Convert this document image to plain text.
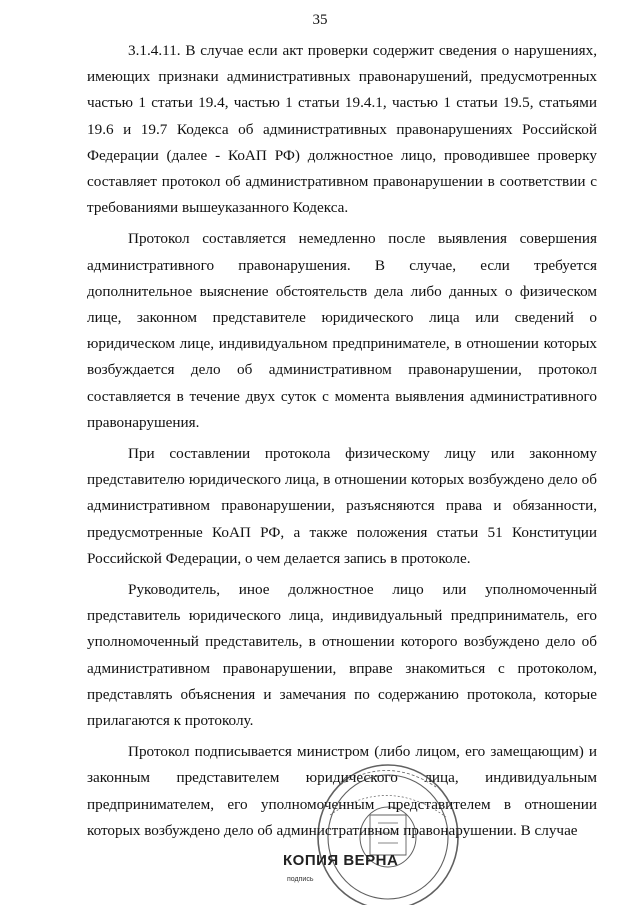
35

3.1.4.11. В случае если акт проверки содержит сведения о нарушениях, имеющих признаки административных правонарушений, предусмотренных частью 1 статьи 19.4, частью 1 статьи 19.4.1, частью 1 статьи 19.5, статьями 19.6 и 19.7 Кодекса об административных правонарушениях Российской Федерации (далее - КоАП РФ) должностное лицо, проводившее проверку составляет протокол об административном правонарушении в соответствии с требованиями вышеуказанного Кодекса.

Протокол составляется немедленно после выявления совершения административного правонарушения. В случае, если требуется дополнительное выяснение обстоятельств дела либо данных о физическом лице, законном представителе юридического лица или сведений о юридическом лице, индивидуальном предпринимателе, в отношении которых возбуждается дело об административном правонарушении, протокол составляется в течение двух суток с момента выявления административного правонарушения.

При составлении протокола физическому лицу или законному представителю юридического лица, в отношении которых возбуждено дело об административном правонарушении, разъясняются права и обязанности, предусмотренные КоАП РФ, а также положения статьи 51 Конституции Российской Федерации, о чем делается запись в протоколе.

Руководитель, иное должностное лицо или уполномоченный представитель юридического лица, индивидуальный предприниматель, его уполномоченный представитель, в отношении которого возбуждено дело об административном правонарушении, вправе знакомиться с протоколом, представлять объяснения и замечания по содержанию протокола, которые прилагаются к протоколу.

Протокол подписывается министром (либо лицом, его замещающим) и законным представителем юридического лица, индивидуальным предпринимателем, его уполномоченным представителем в отношении которых возбуждено дело об административном правонарушении. В случае

КОПИЯ ВЕРНА
подпись
